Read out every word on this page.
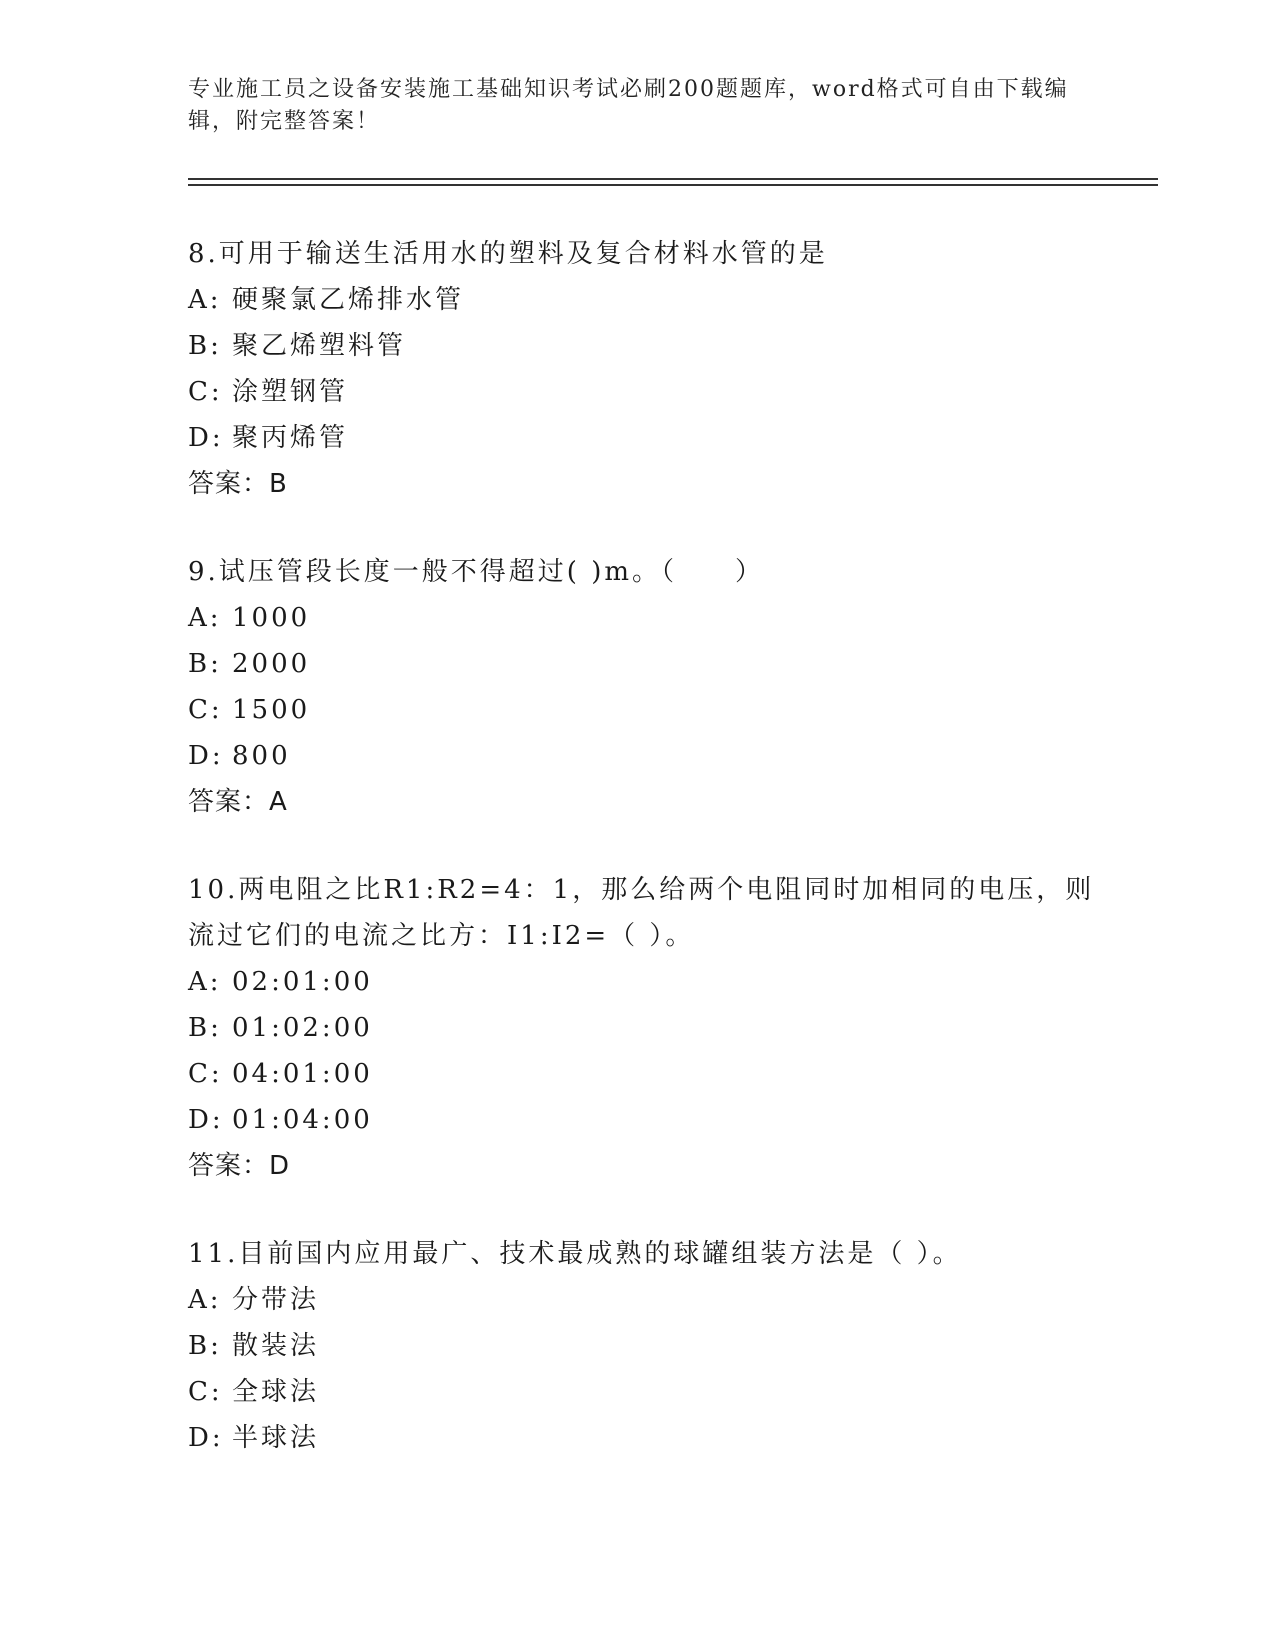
专业施工员之设备安装施工基础知识考试必刷200题题库，word格式可自由下载编辑，附完整答案！

8.可用于输送生活用水的塑料及复合材料水管的是

A: 硬聚氯乙烯排水管

B: 聚乙烯塑料管

C: 涂塑钢管

D: 聚丙烯管

答案：B

9.试压管段长度一般不得超过( )m。（　　）

A: 1000

B: 2000

C: 1500

D: 800

答案：A

10.两电阻之比R1:R2=4：1，那么给两个电阻同时加相同的电压，则流过它们的电流之比方：I1:I2=（ ）。

A: 02:01:00

B: 01:02:00

C: 04:01:00

D: 01:04:00

答案：D

11.目前国内应用最广、技术最成熟的球罐组装方法是（ ）。

A: 分带法

B: 散装法

C: 全球法

D: 半球法
